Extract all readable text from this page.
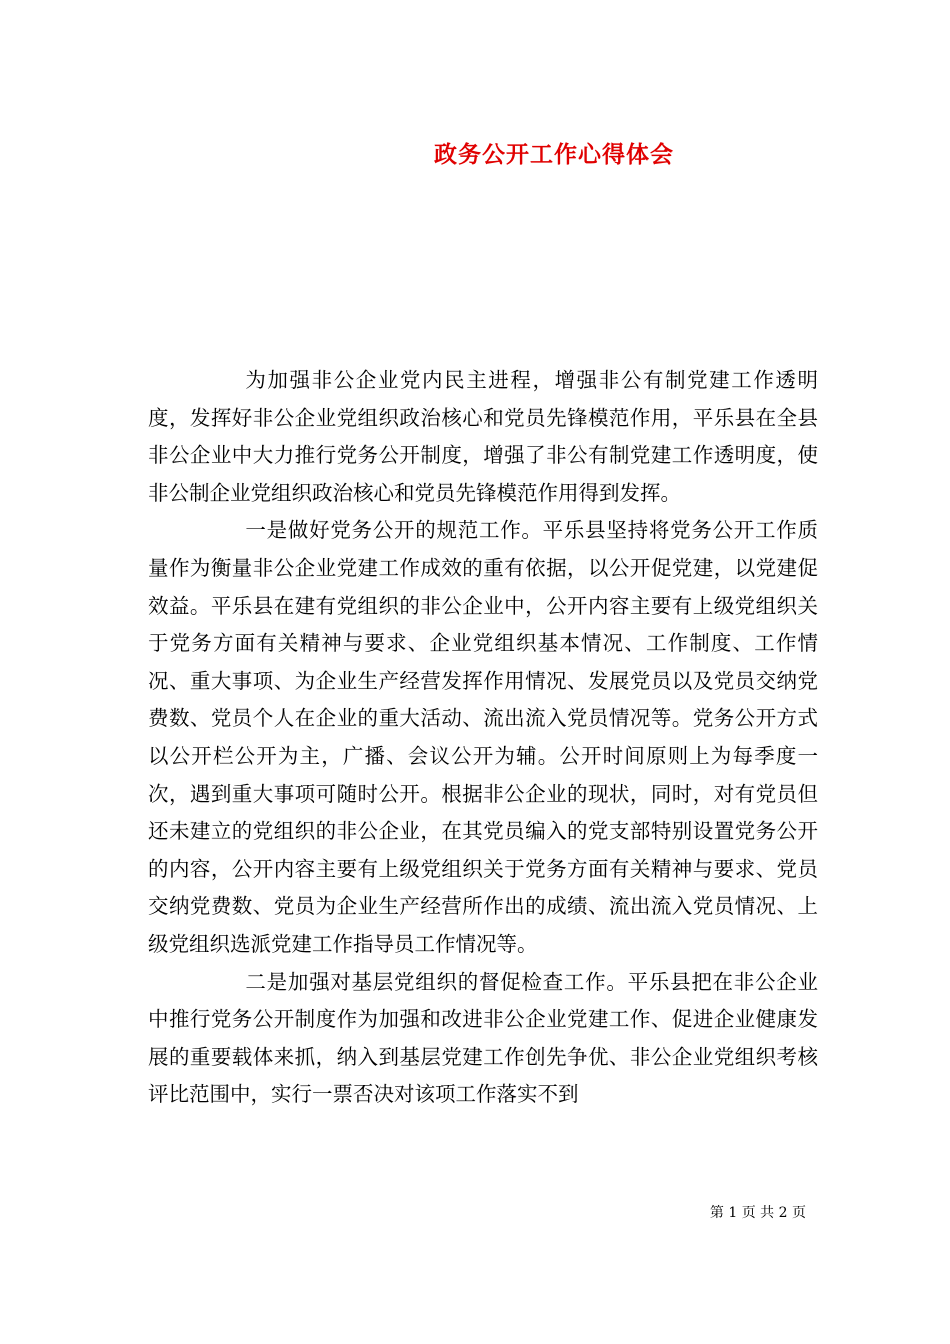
政务公开工作心得体会

为加强非公企业党内民主进程，增强非公有制党建工作透明度，发挥好非公企业党组织政治核心和党员先锋模范作用，平乐县在全县非公企业中大力推行党务公开制度，增强了非公有制党建工作透明度，使非公制企业党组织政治核心和党员先锋模范作用得到发挥。

一是做好党务公开的规范工作。平乐县坚持将党务公开工作质量作为衡量非公企业党建工作成效的重有依据，以公开促党建，以党建促效益。平乐县在建有党组织的非公企业中，公开内容主要有上级党组织关于党务方面有关精神与要求、企业党组织基本情况、工作制度、工作情况、重大事项、为企业生产经营发挥作用情况、发展党员以及党员交纳党费数、党员个人在企业的重大活动、流出流入党员情况等。党务公开方式以公开栏公开为主，广播、会议公开为辅。公开时间原则上为每季度一次，遇到重大事项可随时公开。根据非公企业的现状，同时，对有党员但还未建立的党组织的非公企业，在其党员编入的党支部特别设置党务公开的内容，公开内容主要有上级党组织关于党务方面有关精神与要求、党员交纳党费数、党员为企业生产经营所作出的成绩、流出流入党员情况、上级党组织选派党建工作指导员工作情况等。

二是加强对基层党组织的督促检查工作。平乐县把在非公企业中推行党务公开制度作为加强和改进非公企业党建工作、促进企业健康发展的重要载体来抓，纳入到基层党建工作创先争优、非公企业党组织考核评比范围中，实行一票否决对该项工作落实不到

第 1 页 共 2 页
